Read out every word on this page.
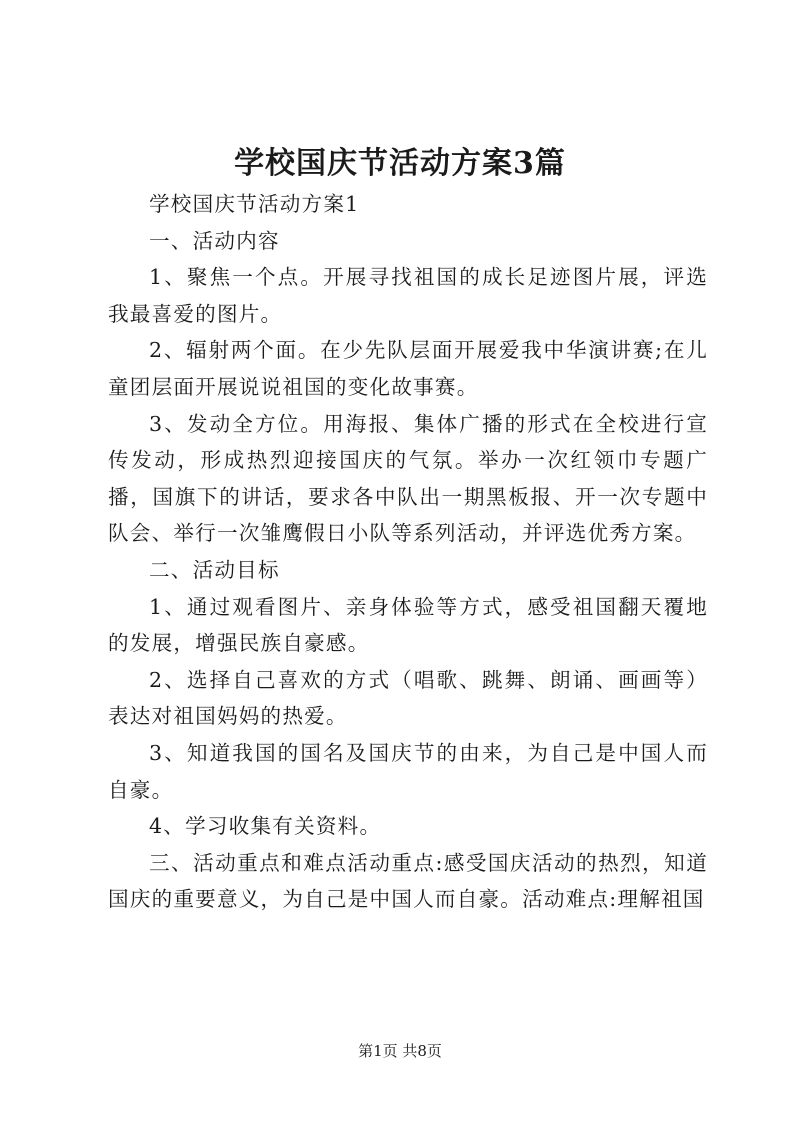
学校国庆节活动方案3篇

学校国庆节活动方案1

一、活动内容

1、聚焦一个点。开展寻找祖国的成长足迹图片展，评选我最喜爱的图片。

2、辐射两个面。在少先队层面开展爱我中华演讲赛;在儿童团层面开展说说祖国的变化故事赛。

3、发动全方位。用海报、集体广播的形式在全校进行宣传发动，形成热烈迎接国庆的气氛。举办一次红领巾专题广播，国旗下的讲话，要求各中队出一期黑板报、开一次专题中队会、举行一次雏鹰假日小队等系列活动，并评选优秀方案。

二、活动目标

1、通过观看图片、亲身体验等方式，感受祖国翻天覆地的发展，增强民族自豪感。

2、选择自己喜欢的方式（唱歌、跳舞、朗诵、画画等）表达对祖国妈妈的热爱。

3、知道我国的国名及国庆节的由来，为自己是中国人而自豪。

4、学习收集有关资料。

三、活动重点和难点活动重点:感受国庆活动的热烈，知道国庆的重要意义，为自己是中国人而自豪。活动难点:理解祖国

第1页 共8页
